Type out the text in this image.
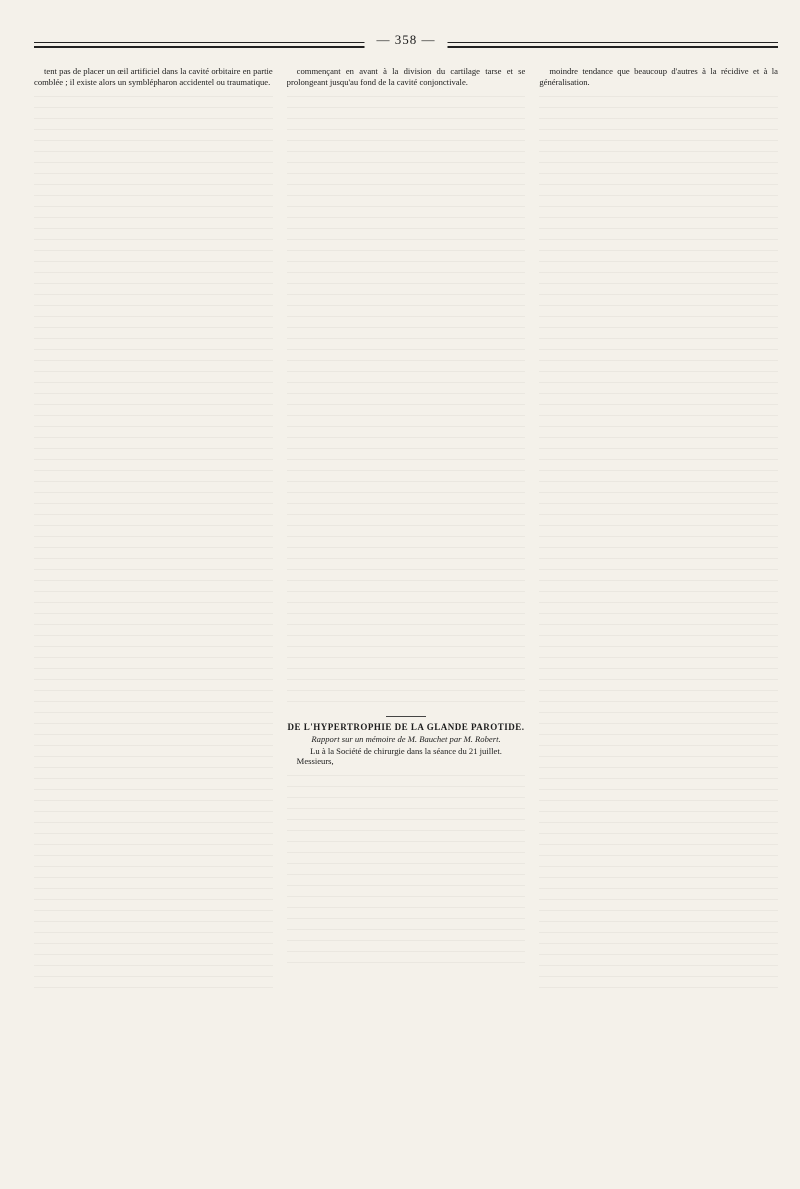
— 358 —

tent pas de placer un œil artificiel dans la cavité orbitaire en partie comblée ; il existe alors un symblépharon accidentel ou traumatique.

commençant en avant à la division du cartilage tarse et se prolongeant jusqu'au fond de la cavité conjonctivale.

DE L'HYPERTROPHIE DE LA GLANDE PAROTIDE.
Rapport sur un mémoire de M. Bauchet par M. Robert.
Lu à la Société de chirurgie dans la séance du 21 juillet.

Messieurs,

moindre tendance que beaucoup d'autres à la récidive et à la généralisation.
